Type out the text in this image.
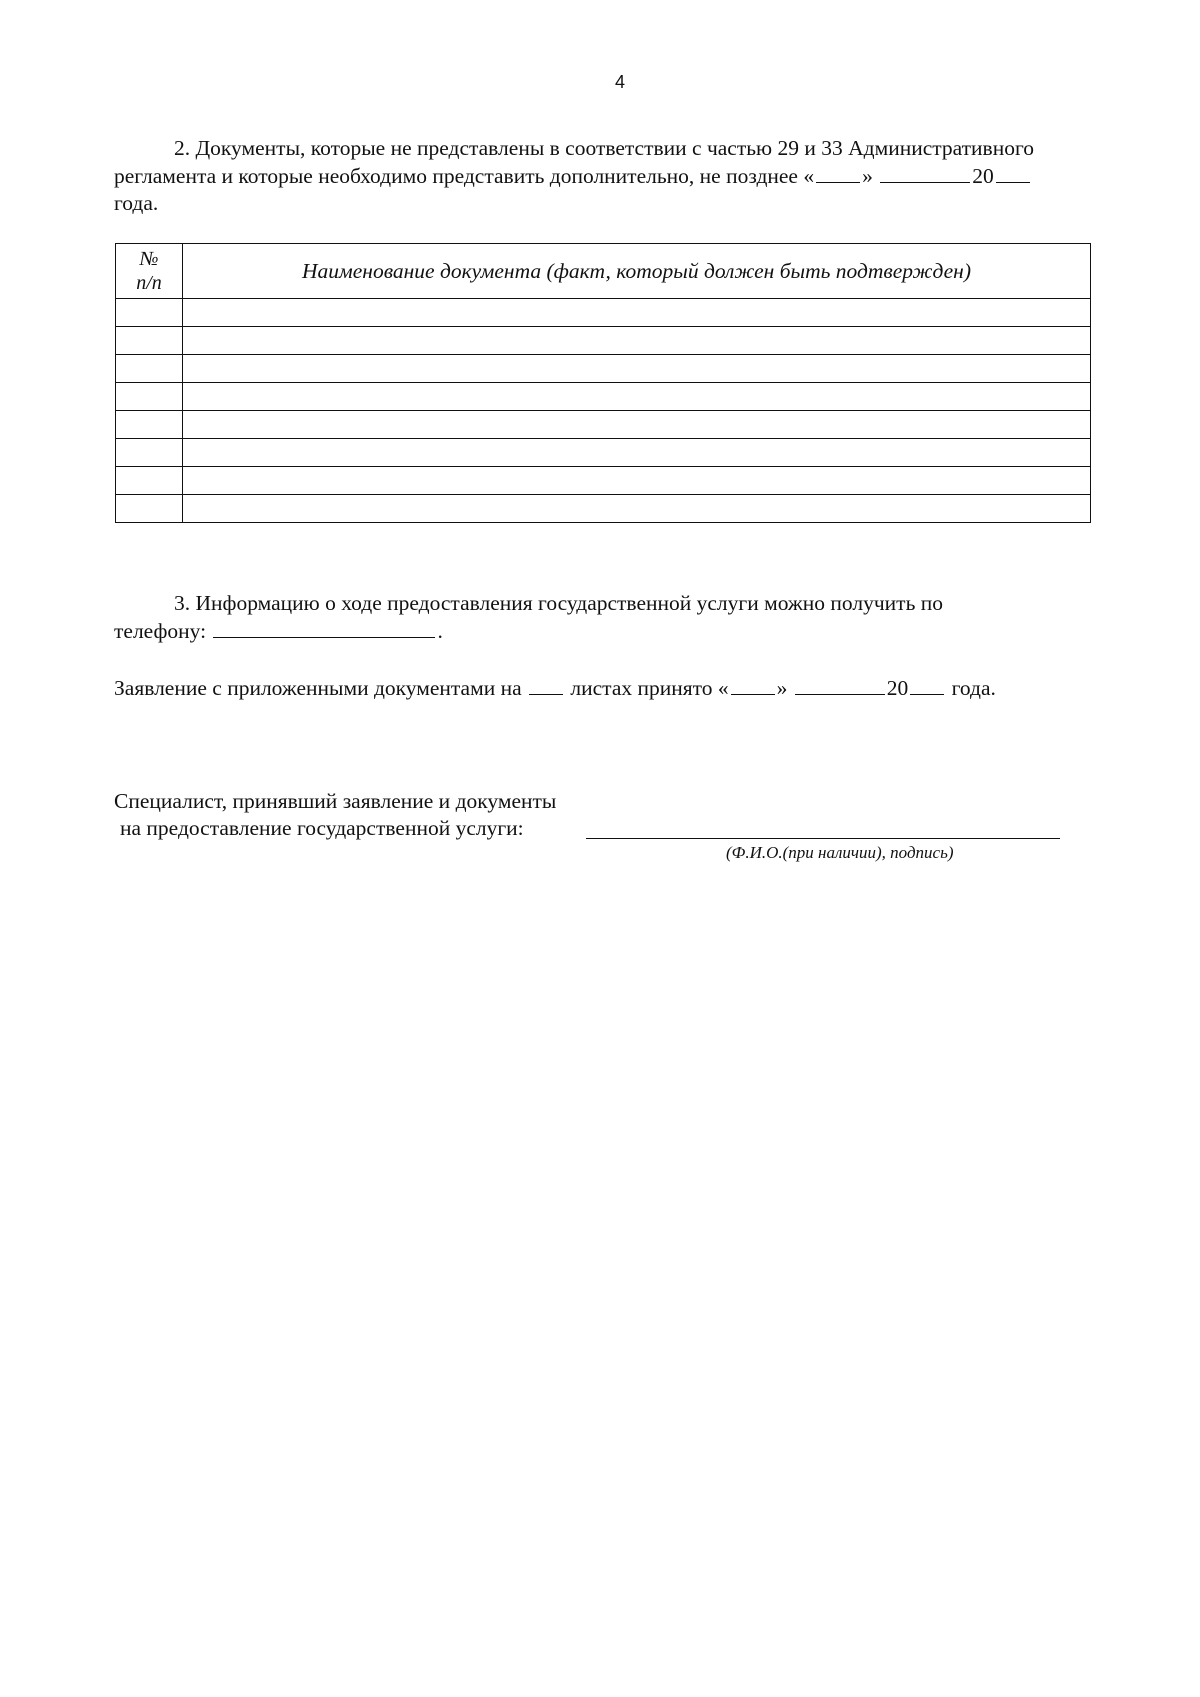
4

2. Документы, которые не представлены в соответствии с частью 29 и 33 Административного
регламента и которые необходимо представить дополнительно, не позднее « »	20
года.

№
п/п	Наименование документа (факт, который должен быть подтвержден)

3. Информацию о ходе предоставления государственной услуги можно получить по
телефону:	.

Заявление с приложенными документами на листах принято « »	20 года.
Специалист, принявший заявление и документы
на предоставление государственной услуги:
(Ф.И.О.(при наличии), подпись)
